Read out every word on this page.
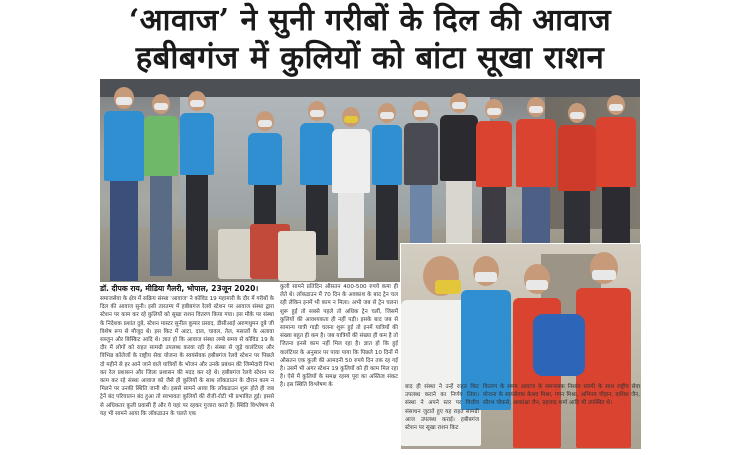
‘आवाज’ ने सुनी गरीबों के दिल की आवाज
हबीबगंज में कुलियों को बांटा सूखा राशन
डॉ. दीपक राय, मीडिया गैलरी, भोपाल, 23जून 2020।
समाजसेवा के क्षेत्र में सक्रिय संस्था 'आवाज' ने कोविड 19 महामारी के दौर में गरीबों के दिल की आवाज सुनी। इसी तारतम्य में हबीबगंज रेलवे स्टेशन पर आवाज संस्था द्वारा स्टेशन पर काम कर रहे कुलियों को सूखा राशन वितरण किया गया। इस मौके पर संस्था के निदेशक प्रशांत दुबे, स्टेशन मास्टर सुनील कुमार प्रसाद, डीसीआई अरुणधुमन दुबे जी विशेष रूप से मौजूद थे। इस किट में आटा, दाल, चावल, तेल, मसालों के अलावा सब्जुन और बिस्किट आदि थे। ज्ञात हो कि आवाज संस्था लम्बे समय से कोविड 19 के दौर में लोगों को राहत सामग्री उपलब्ध करवा रही है। संस्था से जुड़े वालंटियर और विभिन्न कॉलेजों के राष्ट्रीय सेवा योजना के स्वयंसेवक हबीबगंज रेलवे स्टेशन पर पिछले दो महीने से हर आने जाने वाले यात्रियों के भोजन और उनके प्रबंधन की जिम्मेदारी निभा कर रेल प्रशासन और जिला प्रशासन की मदद कर रहे थे। हबीबगंज रेलवे स्टेशन पर काम कर रहे संस्था आवाज को जैसे ही कुलियों के साथ लॉकडाउन के दौरान काम न मिलने पर उनकी स्थिति जानी थी। इससे सामने आया कि लॉकडाउन शुरू होते ही जब ट्रेनें बंद परिचालन बंद हुआ तो स्वभावतः कुलियों की रोजी-रोटी भी प्रभावित हुई। इससे से अधिकतर कुली प्रवासी हैं और ये यहां पर रहकर गुजारा करते हैं। स्थिति विश्लेषण से यह भी सामने आया कि लॉकडाउन के चलते एक
कुली सामने प्रतिदिन औसतन 400-500 रुपये कमा ही लेते थे। लॉकडाउन में 70 दिन के अवकाश के बाद ट्रेन चल रही लेकिन इनमें भी काम न मिला। अभी जब से ट्रेन चलना शुरू हुई तो सबसे पहले तो अधिक ट्रेन चलीं, जिसमें कुलियों की आवश्यकता ही नहीं पड़ी। इसके बाद जब से सामान्य यात्री गाड़ी चलना शुरू हुई तो इनमें यात्रियों की संख्या बहुत ही कम है। जब यात्रियों की संख्या ही कम है तो जितना इनसे काम नहीं मिल रहा है। ज्ञात हो कि हुई वालंटियर के अनुसार पर पाया पाया कि पिछले 10 दिनों में औसतन एक कुली की आमदनी 50 रुपये दिन तक रह गई है। उसमें भी अगर स्टेशन 19 कुलियों को ही काम मिल रहा है। ऐसे में कुलियों के समक्ष रहस्य पूरा का अस्तित्व संकट है। इस स्थिति विश्लेषण के	बाद ही संस्था ने उन्हें राहत किट उपलब्ध कराने का निर्णय लिया। संस्था ने अपने स्तर पर वित्तीय संसाधन जुटाते हुए यह राहत सामग्री आज उपलब्ध कराई। हबीबगंज स्टेशन पर सूखा राशन किट
वितरण के समय आवाज के समन्वयक निशांत स्वामी के साथ राष्ट्रीय सेवा योजना के स्वयंसेवक केशव मिश्रा, गगन मिश्रा, अभिनव चौहान, कशिश जैन, सौरभ चौकसे, आकांक्षा जैन, प्रहलाद शर्मा आदि भी उपस्थित थे।
